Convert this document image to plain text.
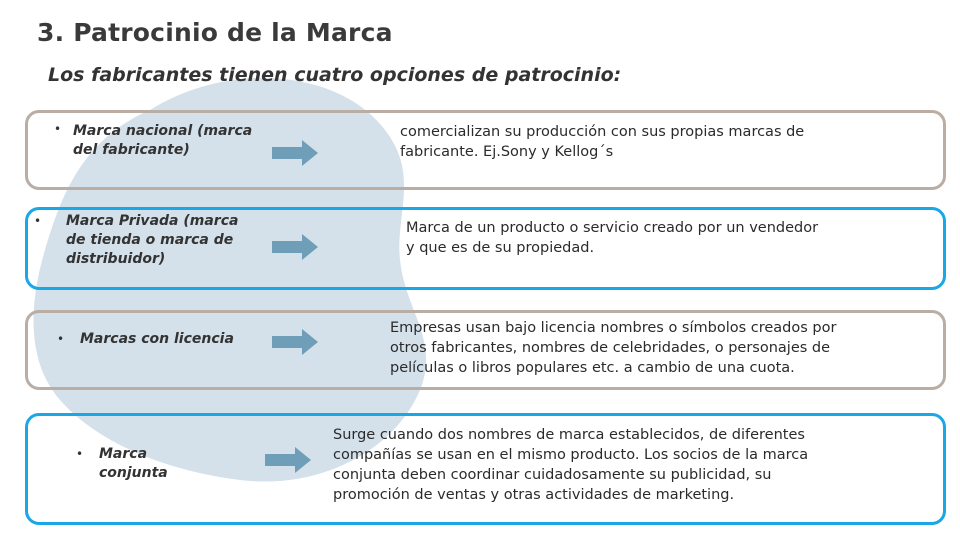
3. Patrocinio de la Marca
Los fabricantes tienen cuatro opciones de patrocinio:
• Marca nacional (marca
del fabricante)
comercializan su producción con sus propias marcas de
fabricante. Ej.Sony y Kellog´s
• Marca Privada (marca
de tienda o marca de
distribuidor)
Marca de un producto o servicio creado por un vendedor
y que es de su propiedad.
• Marcas con licencia
Empresas usan bajo licencia nombres o símbolos creados por
otros fabricantes, nombres de celebridades, o personajes de
películas o libros populares etc. a cambio de una cuota.
• Marca
conjunta
Surge cuando dos nombres de marca establecidos, de diferentes
compañías se usan en el mismo producto. Los socios de la marca
conjunta deben coordinar cuidadosamente su publicidad, su
promoción de ventas y otras actividades de marketing.
